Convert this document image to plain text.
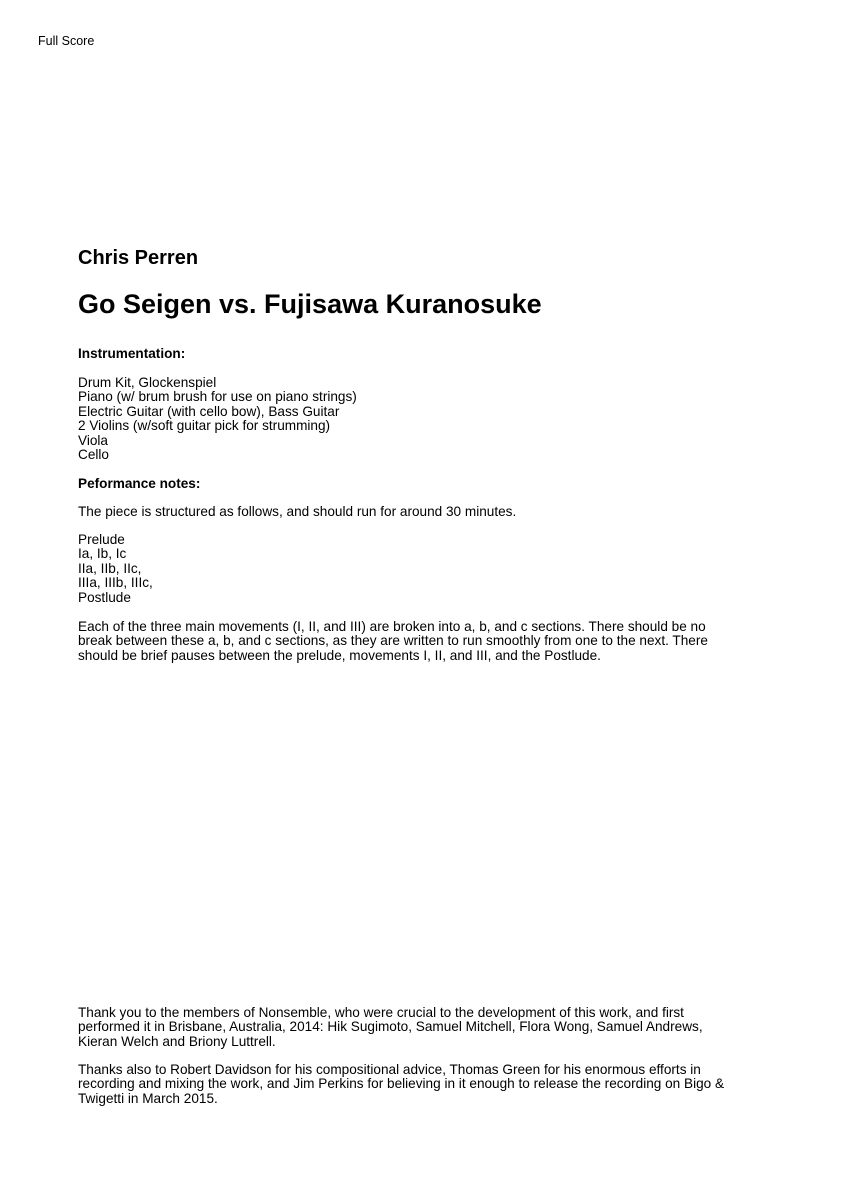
Full Score
Chris Perren
Go Seigen vs. Fujisawa Kuranosuke
Instrumentation:
Drum Kit, Glockenspiel
Piano (w/ brum brush for use on piano strings)
Electric Guitar (with cello bow), Bass Guitar
2 Violins (w/soft guitar pick for strumming)
Viola
Cello
Peformance notes:
The piece is structured as follows, and should run for around 30 minutes.
Prelude
Ia, Ib, Ic
IIa, IIb, IIc,
IIIa, IIIb, IIIc,
Postlude
Each of the three main movements (I, II, and III) are broken into a, b, and c sections. There should be no
break between these a, b, and c sections, as they are written to run smoothly from one to the next. There
should be brief pauses between the prelude, movements I, II, and III, and the Postlude.
Thank you to the members of Nonsemble, who were crucial to the development of this work, and first
performed it in Brisbane, Australia, 2014: Hik Sugimoto, Samuel Mitchell, Flora Wong, Samuel Andrews,
Kieran Welch and Briony Luttrell.
Thanks also to Robert Davidson for his compositional advice, Thomas Green for his enormous efforts in
recording and mixing the work, and Jim Perkins for believing in it enough to release the recording on Bigo &
Twigetti in March 2015.
